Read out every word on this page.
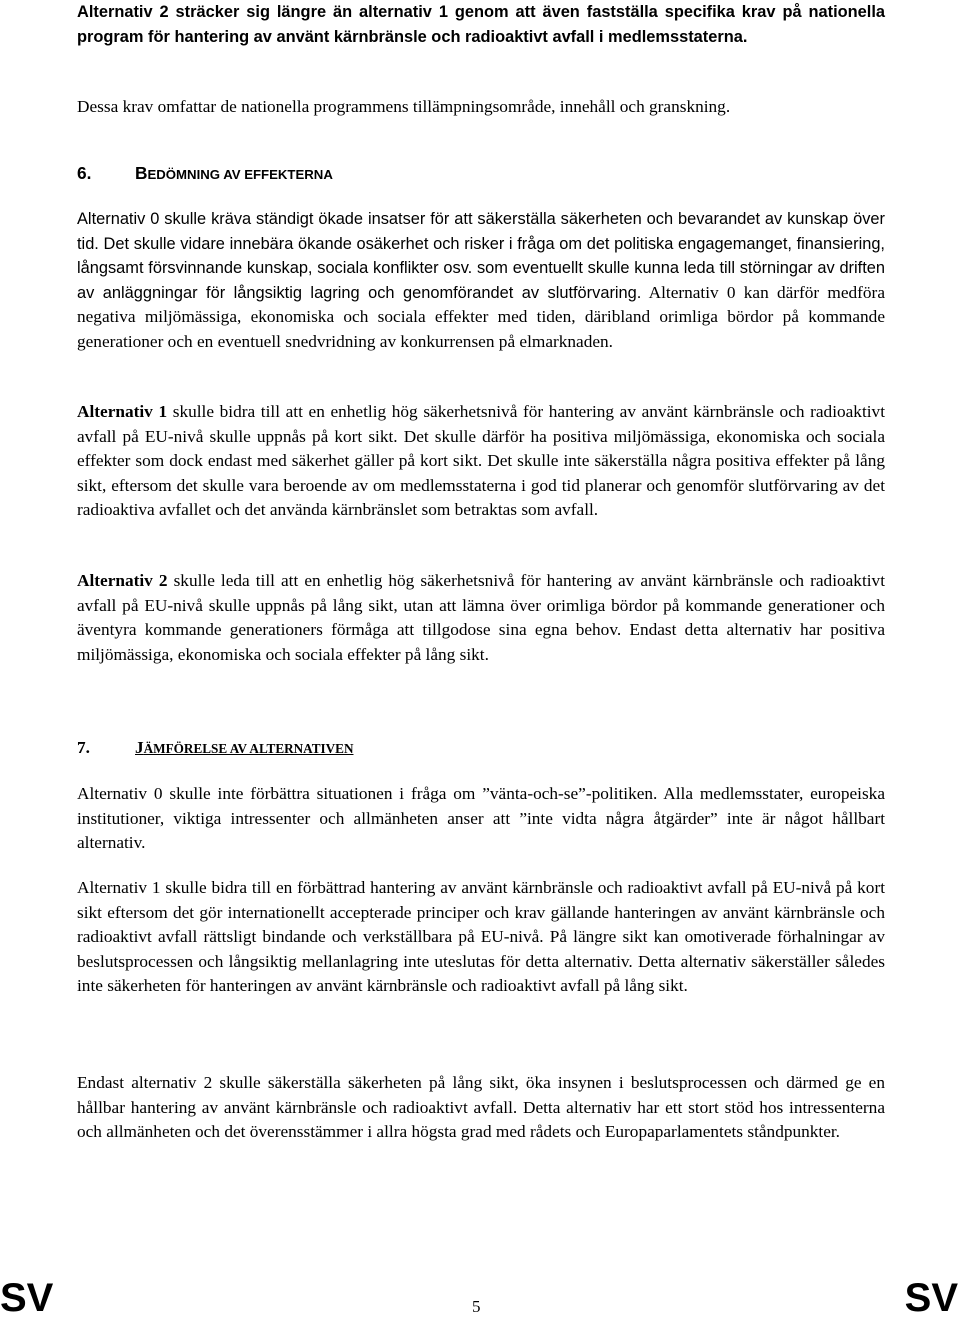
Alternativ 2 sträcker sig längre än alternativ 1 genom att även fastställa specifika krav på nationella program för hantering av använt kärnbränsle och radioaktivt avfall i medlemsstaterna.

Dessa krav omfattar de nationella programmens tillämpningsområde, innehåll och granskning.

6.	BEDÖMNING AV EFFEKTERNA

Alternativ 0 skulle kräva ständigt ökade insatser för att säkerställa säkerheten och bevarandet av kunskap över tid. Det skulle vidare innebära ökande osäkerhet och risker i fråga om det politiska engagemanget, finansiering, långsamt försvinnande kunskap, sociala konflikter osv. som eventuellt skulle kunna leda till störningar av driften av anläggningar för långsiktig lagring och genomförandet av slutförvaring. Alternativ 0 kan därför medföra negativa miljömässiga, ekonomiska och sociala effekter med tiden, däribland orimliga bördor på kommande generationer och en eventuell snedvridning av konkurrensen på elmarknaden.

Alternativ 1 skulle bidra till att en enhetlig hög säkerhetsnivå för hantering av använt kärnbränsle och radioaktivt avfall på EU-nivå skulle uppnås på kort sikt. Det skulle därför ha positiva miljömässiga, ekonomiska och sociala effekter som dock endast med säkerhet gäller på kort sikt. Det skulle inte säkerställa några positiva effekter på lång sikt, eftersom det skulle vara beroende av om medlemsstaterna i god tid planerar och genomför slutförvaring av det radioaktiva avfallet och det använda kärnbränslet som betraktas som avfall.

Alternativ 2 skulle leda till att en enhetlig hög säkerhetsnivå för hantering av använt kärnbränsle och radioaktivt avfall på EU-nivå skulle uppnås på lång sikt, utan att lämna över orimliga bördor på kommande generationer och äventyra kommande generationers förmåga att tillgodose sina egna behov. Endast detta alternativ har positiva miljömässiga, ekonomiska och sociala effekter på lång sikt.

7.	JÄMFÖRELSE AV ALTERNATIVEN

Alternativ 0 skulle inte förbättra situationen i fråga om ”vänta-och-se”-politiken. Alla medlemsstater, europeiska institutioner, viktiga intressenter och allmänheten anser att ”inte vidta några åtgärder” inte är något hållbart alternativ.

Alternativ 1 skulle bidra till en förbättrad hantering av använt kärnbränsle och radioaktivt avfall på EU-nivå på kort sikt eftersom det gör internationellt accepterade principer och krav gällande hanteringen av använt kärnbränsle och radioaktivt avfall rättsligt bindande och verkställbara på EU-nivå. På längre sikt kan omotiverade förhalningar av beslutsprocessen och långsiktig mellanlagring inte uteslutas för detta alternativ. Detta alternativ säkerställer således inte säkerheten för hanteringen av använt kärnbränsle och radioaktivt avfall på lång sikt.

Endast alternativ 2 skulle säkerställa säkerheten på lång sikt, öka insynen i beslutsprocessen och därmed ge en hållbar hantering av använt kärnbränsle och radioaktivt avfall. Detta alternativ har ett stort stöd hos intressenterna och allmänheten och det överensstämmer i allra högsta grad med rådets och Europaparlamentets ståndpunkter.

SV	5	SV
